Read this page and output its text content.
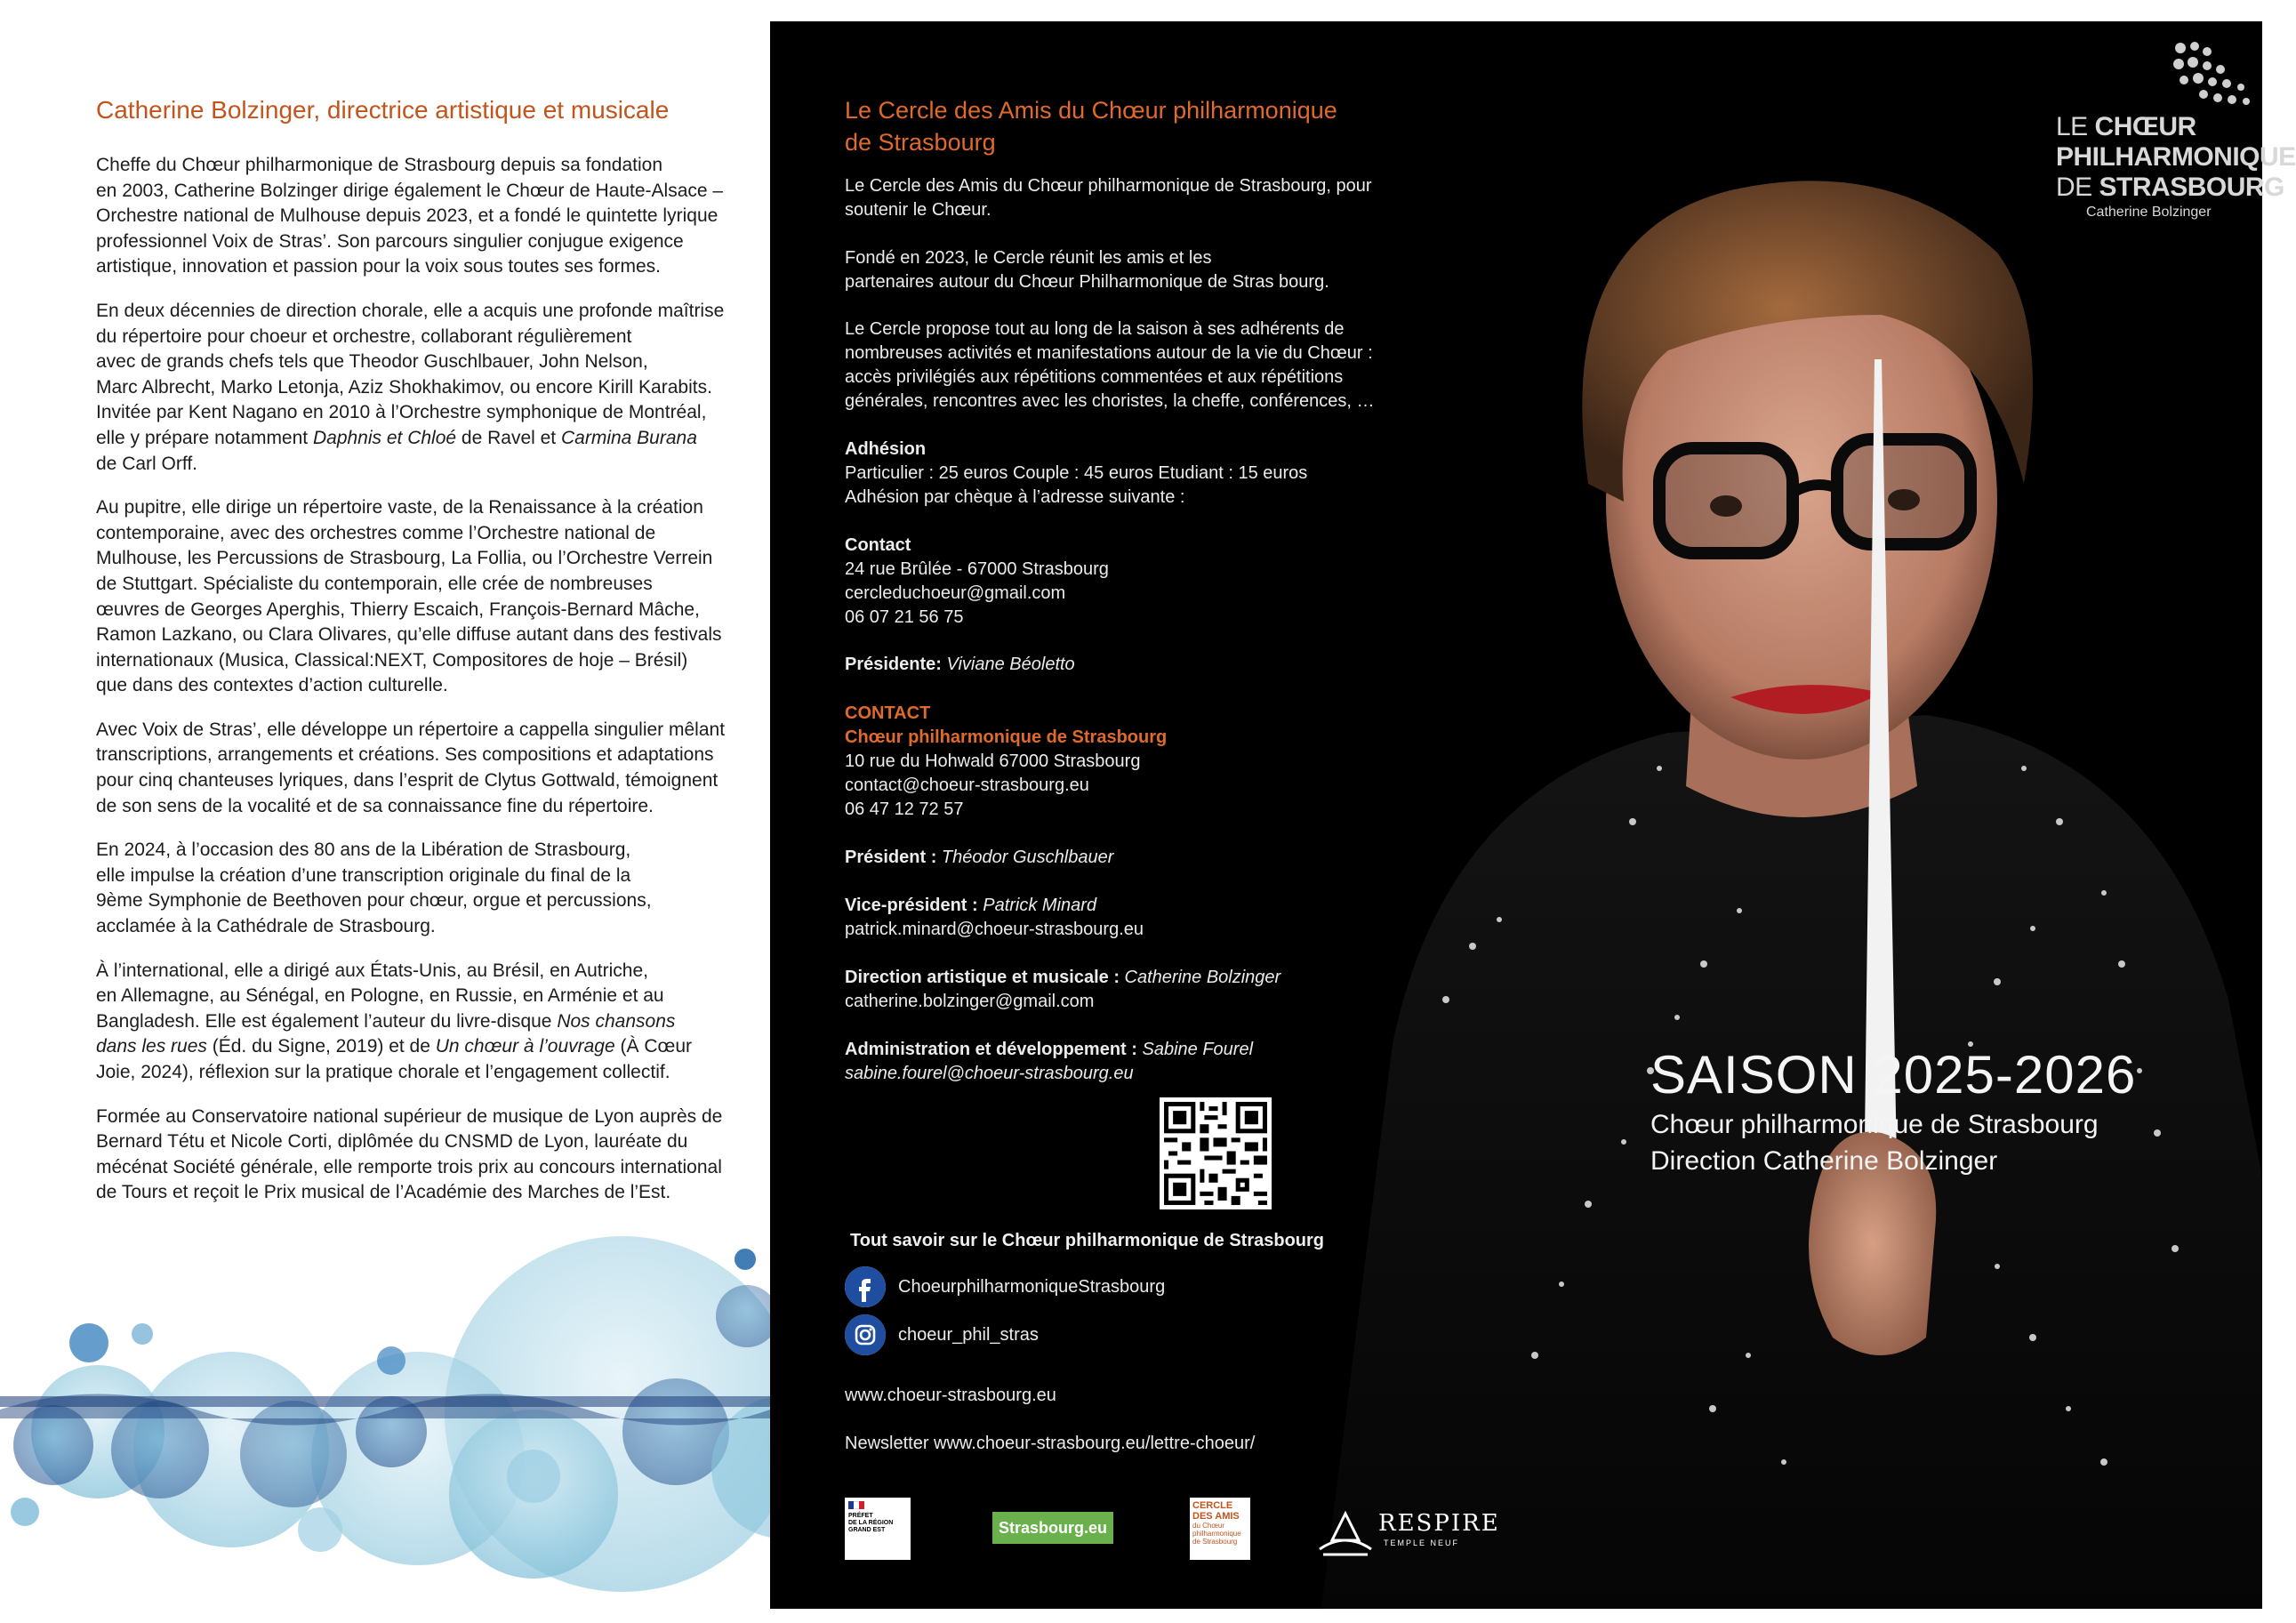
Catherine Bolzinger, directrice artistique et musicale

Cheffe du Chœur philharmonique de Strasbourg depuis sa fondation
en 2003, Catherine Bolzinger dirige également le Chœur de Haute-Alsace –
Orchestre national de Mulhouse depuis 2023, et a fondé le quintette lyrique
professionnel Voix de Stras’. Son parcours singulier conjugue exigence
artistique, innovation et passion pour la voix sous toutes ses formes.

En deux décennies de direction chorale, elle a acquis une profonde maîtrise
du répertoire pour choeur et orchestre, collaborant régulièrement
avec de grands chefs tels que Theodor Guschlbauer, John Nelson,
Marc Albrecht, Marko Letonja, Aziz Shokhakimov, ou encore Kirill Karabits.
Invitée par Kent Nagano en 2010 à l’Orchestre symphonique de Montréal,
elle y prépare notamment Daphnis et Chloé de Ravel et Carmina Burana
de Carl Orff.

Au pupitre, elle dirige un répertoire vaste, de la Renaissance à la création
contemporaine, avec des orchestres comme l’Orchestre national de
Mulhouse, les Percussions de Strasbourg, La Follia, ou l’Orchestre Verrein
de Stuttgart. Spécialiste du contemporain, elle crée de nombreuses
œuvres de Georges Aperghis, Thierry Escaich, François-Bernard Mâche,
Ramon Lazkano, ou Clara Olivares, qu’elle diffuse autant dans des festivals
internationaux (Musica, Classical:NEXT, Compositores de hoje – Brésil)
que dans des contextes d’action culturelle.

Avec Voix de Stras’, elle développe un répertoire a cappella singulier mêlant
transcriptions, arrangements et créations. Ses compositions et adaptations
pour cinq chanteuses lyriques, dans l’esprit de Clytus Gottwald, témoignent
de son sens de la vocalité et de sa connaissance fine du répertoire.

En 2024, à l’occasion des 80 ans de la Libération de Strasbourg,
elle impulse la création d’une transcription originale du final de la
9ème Symphonie de Beethoven pour chœur, orgue et percussions,
acclamée à la Cathédrale de Strasbourg.

À l’international, elle a dirigé aux États-Unis, au Brésil, en Autriche,
en Allemagne, au Sénégal, en Pologne, en Russie, en Arménie et au
Bangladesh. Elle est également l’auteur du livre-disque Nos chansons
dans les rues (Éd. du Signe, 2019) et de Un chœur à l’ouvrage (À Cœur
Joie, 2024), réflexion sur la pratique chorale et l’engagement collectif.

Formée au Conservatoire national supérieur de musique de Lyon auprès de
Bernard Tétu et Nicole Corti, diplômée du CNSMD de Lyon, lauréate du
mécénat Société générale, elle remporte trois prix au concours international
de Tours et reçoit le Prix musical de l’Académie des Marches de l’Est.

Le Cercle des Amis du Chœur philharmonique
de Strasbourg
Le Cercle des Amis du Chœur philharmonique de Strasbourg, pour
soutenir le Chœur.
Fondé en 2023, le Cercle réunit les amis et les
partenaires autour du Chœur Philharmonique de Stras bourg.
Le Cercle propose tout au long de la saison à ses adhérents de
nombreuses activités et manifestations autour de la vie du Chœur :
accès privilégiés aux répétitions commentées et aux répétitions
générales, rencontres avec les choristes, la cheffe, conférences, …
Adhésion
Particulier : 25 euros Couple : 45 euros Etudiant : 15 euros
Adhésion par chèque à l’adresse suivante :
Contact
24 rue Brûlée - 67000 Strasbourg
cercleduchoeur@gmail.com
06 07 21 56 75
Présidente: Viviane Béoletto
CONTACT
Chœur philharmonique de Strasbourg
10 rue du Hohwald 67000 Strasbourg
contact@choeur-strasbourg.eu
06 47 12 72 57
Président : Théodor Guschlbauer
Vice-président : Patrick Minard
patrick.minard@choeur-strasbourg.eu
Direction artistique et musicale : Catherine Bolzinger
catherine.bolzinger@gmail.com
Administration et développement : Sabine Fourel
sabine.fourel@choeur-strasbourg.eu
Tout savoir sur le Chœur philharmonique de Strasbourg
ChoeurphilharmoniqueStrasbourg
choeur_phil_stras
www.choeur-strasbourg.eu
Newsletter www.choeur-strasbourg.eu/lettre-choeur/
PRÉFET
DE LA RÉGION
GRAND EST	Strasbourg.eu
CERCLE
DES AMIS
du Chœur
philharmonique
de Strasbourg
RESPIRE
TEMPLE NEUF
LE CHŒUR
PHILHARMONIQUE
DE STRASBOURG
Catherine Bolzinger
SAISON 2025-2026
Chœur philharmonique de Strasbourg
Direction Catherine Bolzinger
